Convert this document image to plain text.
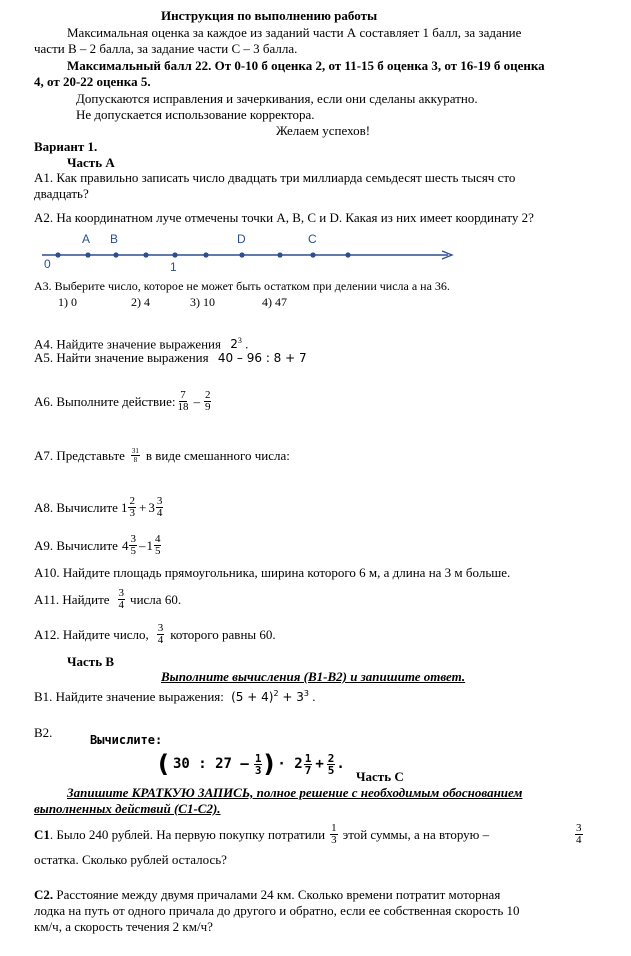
Инструкция по выполнению работы
Максимальная оценка за каждое из заданий части А составляет 1 балл, за задание
части В – 2 балла, за задание части С – 3 балла.
Максимальный балл 22. От 0-10 б оценка 2, от 11-15 б оценка 3, от 16-19 б оценка
4, от 20-22 оценка 5.
Допускаются исправления и зачеркивания, если они сделаны аккуратно.
Не допускается использование корректора.
Желаем успехов!
Вариант 1.
Часть А
А1. Как правильно записать число двадцать три миллиарда семьдесят шесть тысяч сто
двадцать?
А2. На координатном луче отмечены точки А, B, C и D. Какая из них имеет координату 2?
0
A B
1
D	C
А3. Выберите число, которое не может быть остатком при делении числа a на 36.
1) 0	2) 4	3) 10	4) 47
А4. Найдите значение выражения $2^3$ .
А5. Найти значение выражения 40 – 96 : 8 + 7
А6. Выполните действие: $\frac{7}{18} - \frac{2}{9}$
А7. Представьте $\frac{31}{8}$ в виде смешанного числа:
А8. Вычислите $1 \frac{2}{3} + 3 \frac{3}{4}$
А9. Вычислите $4 \frac{3}{5} - 1 \frac{4}{5}$
А10. Найдите площадь прямоугольника, ширина которого 6 м, а длина на 3 м больше.
А11. Найдите $\frac{3}{4}$ числа 60.
А12. Найдите число, $\frac{3}{4}$ которого равны 60.
Часть В
Выполните вычисления (В1-В2) и запишите ответ.
В1. Найдите значение выражения: $(5 + 4)^2 + 3^3$ .
В2.	Вычислите:
( 30 : $27 - \frac{1}{3}$ ) · $2 \frac{1}{7} + \frac{2}{5}$ .
Часть С
Запишите КРАТКУЮ ЗАПИСЬ, полное решение с необходимым обоснованием
выполненных действий (С1-С2).
С1 . Было 240 рублей. На первую покупку потратили $\frac{1}{3}$ этой суммы, а на вторую –	$\frac{3}{4}$
остатка. Сколько рублей осталось?
С2. Расстояние между двумя причалами 24 км. Сколько времени потратит моторная
лодка на путь от одного причала до другого и обратно, если ее собственная скорость 10
км/ч, а скорость течения 2 км/ч?
